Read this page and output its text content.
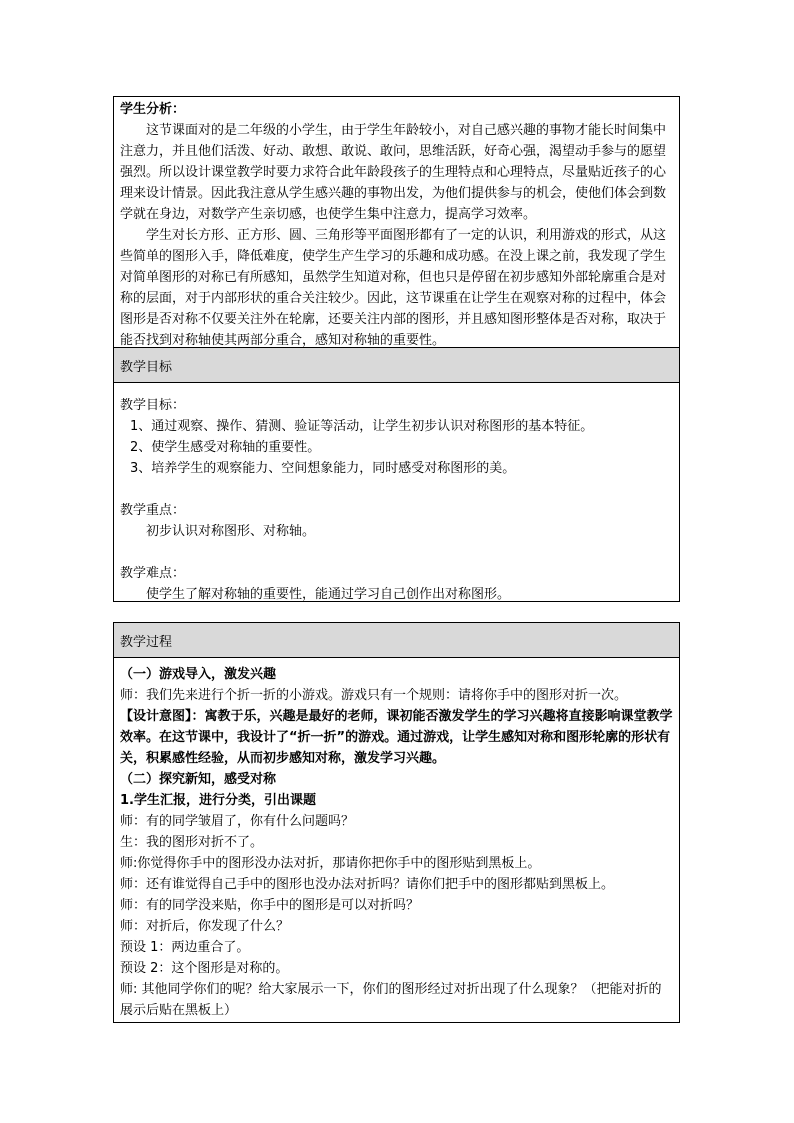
学生分析：

这节课面对的是二年级的小学生，由于学生年龄较小，对自己感兴趣的事物才能长时间集中注意力，并且他们活泼、好动、敢想、敢说、敢问，思维活跃，好奇心强，渴望动手参与的愿望强烈。所以设计课堂教学时要力求符合此年龄段孩子的生理特点和心理特点，尽量贴近孩子的心理来设计情景。因此我注意从学生感兴趣的事物出发，为他们提供参与的机会，使他们体会到数学就在身边，对数学产生亲切感，也使学生集中注意力，提高学习效率。

学生对长方形、正方形、圆、三角形等平面图形都有了一定的认识，利用游戏的形式，从这些简单的图形入手，降低难度，使学生产生学习的乐趣和成功感。在没上课之前，我发现了学生对简单图形的对称已有所感知，虽然学生知道对称，但也只是停留在初步感知外部轮廓重合是对称的层面，对于内部形状的重合关注较少。因此，这节课重在让学生在观察对称的过程中，体会图形是否对称不仅要关注外在轮廓，还要关注内部的图形，并且感知图形整体是否对称，取决于能否找到对称轴使其两部分重合，感知对称轴的重要性。

教学目标

教学目标：

1、通过观察、操作、猜测、验证等活动，让学生初步认识对称图形的基本特征。

2、使学生感受对称轴的重要性。

3、培养学生的观察能力、空间想象能力，同时感受对称图形的美。

教学重点：

初步认识对称图形、对称轴。

教学难点：

使学生了解对称轴的重要性，能通过学习自己创作出对称图形。

教学过程

（一）游戏导入，激发兴趣

师：我们先来进行个折一折的小游戏。游戏只有一个规则：请将你手中的图形对折一次。

【设计意图】：寓教于乐，兴趣是最好的老师，课初能否激发学生的学习兴趣将直接影响课堂教学效率。在这节课中，我设计了“折一折”的游戏。通过游戏，让学生感知对称和图形轮廓的形状有关，积累感性经验，从而初步感知对称，激发学习兴趣。

（二）探究新知，感受对称

1.学生汇报，进行分类，引出课题

师：有的同学皱眉了，你有什么问题吗？

生：我的图形对折不了。

师:你觉得你手中的图形没办法对折，那请你把你手中的图形贴到黑板上。

师：还有谁觉得自己手中的图形也没办法对折吗？请你们把手中的图形都贴到黑板上。

师：有的同学没来贴，你手中的图形是可以对折吗？

师：对折后，你发现了什么？

预设 1：两边重合了。

预设 2：这个图形是对称的。

师: 其他同学你们的呢？给大家展示一下，你们的图形经过对折出现了什么现象？（把能对折的展示后贴在黑板上）
